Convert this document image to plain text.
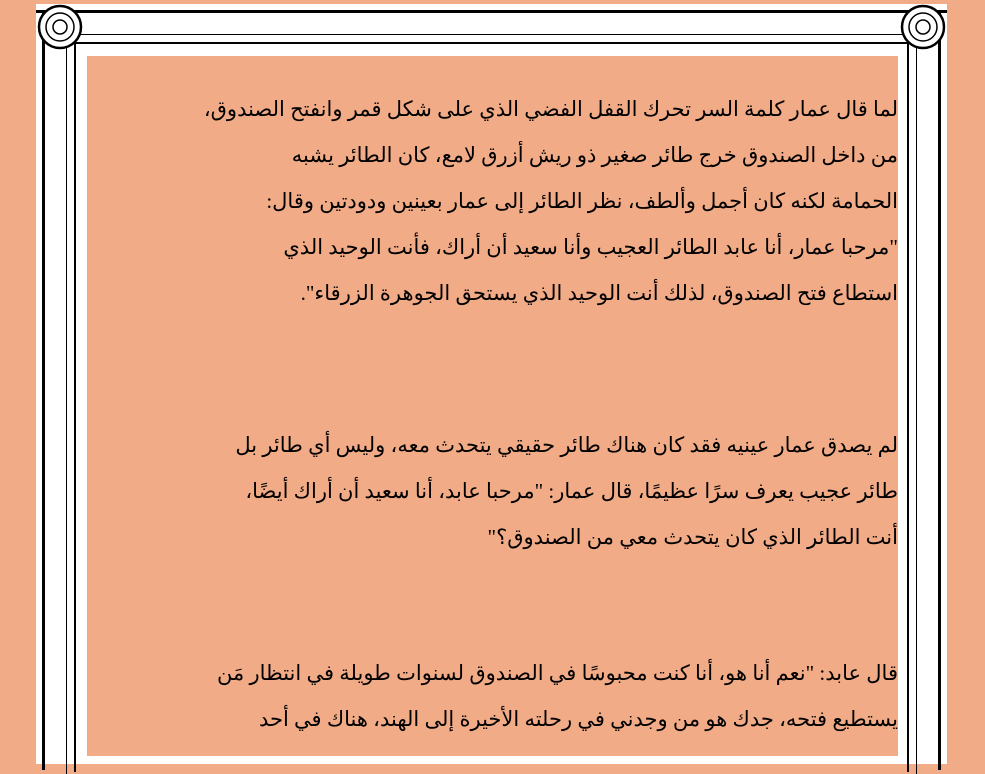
لما قال عمار كلمة السر تحرك القفل الفضي الذي على شكل قمر وانفتح الصندوق،
من داخل الصندوق خرج طائر صغير ذو ريش أزرق لامع، كان الطائر يشبه
الحمامة لكنه كان أجمل وألطف، نظر الطائر إلى عمار بعينين ودودتين وقال:
"مرحبا عمار، أنا عابد الطائر العجيب وأنا سعيد أن أراك، فأنت الوحيد الذي
استطاع فتح الصندوق، لذلك أنت الوحيد الذي يستحق الجوهرة الزرقاء".
لم يصدق عمار عينيه فقد كان هناك طائر حقيقي يتحدث معه، وليس أي طائر بل
طائر عجيب يعرف سرًا عظيمًا، قال عمار: "مرحبا عابد، أنا سعيد أن أراك أيضًا،
أنت الطائر الذي كان يتحدث معي من الصندوق؟"
قال عابد: "نعم أنا هو، أنا كنت محبوسًا في الصندوق لسنوات طويلة في انتظار مَن
يستطيع فتحه، جدك هو من وجدني في رحلته الأخيرة إلى الهند، هناك في أحد
